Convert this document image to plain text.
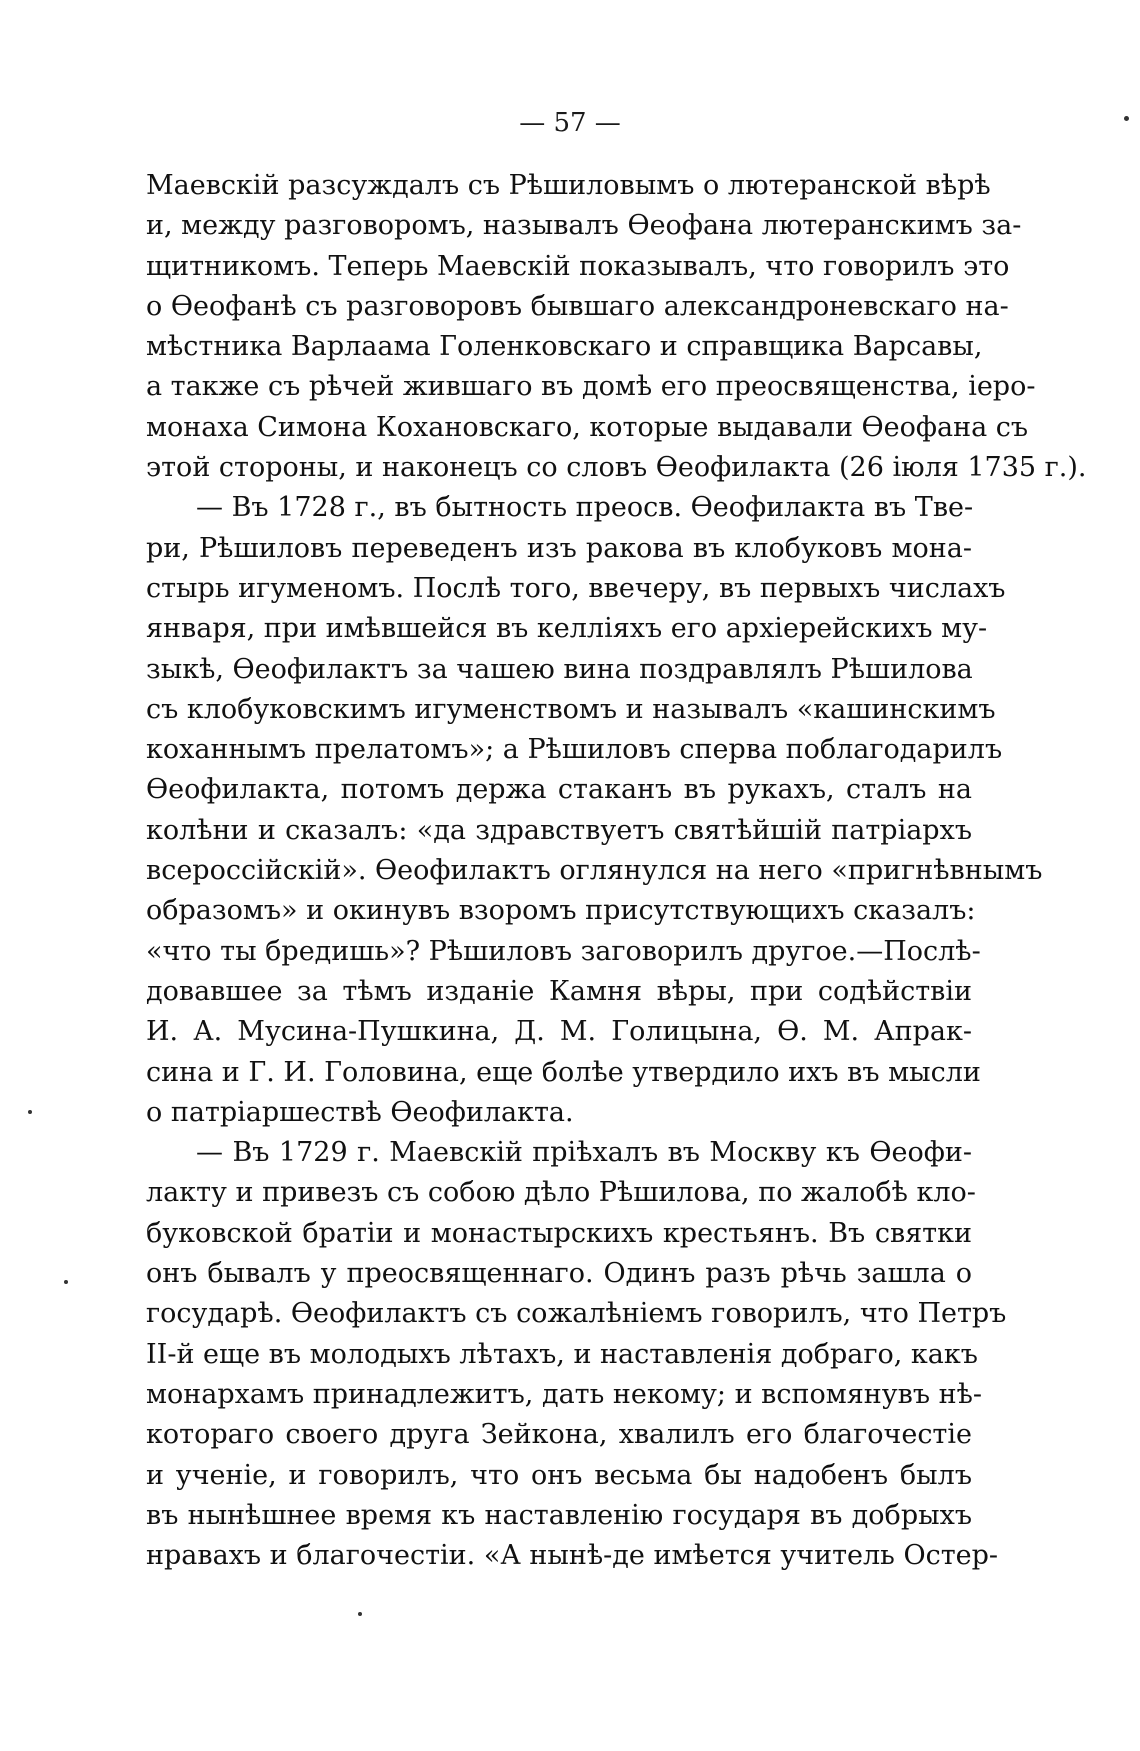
— 57 —
Маевскій разсуждалъ съ Рѣшиловымъ о лютеранской вѣрѣ
и, между разговоромъ, называлъ Ѳеофана лютеранскимъ за-
щитникомъ. Теперь Маевскій показывалъ, что говорилъ это
о Ѳеофанѣ съ разговоровъ бывшаго александроневскаго на-
мѣстника Варлаама Голенковскаго и справщика Варсавы,
а также съ рѣчей жившаго въ домѣ его преосвященства, іеро-
монаха Симона Кохановскаго, которые выдавали Ѳеофана съ
этой стороны, и наконецъ со словъ Ѳеофилакта (26 іюля 1735 г.).
— Въ 1728 г., въ бытность преосв. Ѳеофилакта въ Тве-
ри, Рѣшиловъ переведенъ изъ ракова въ клобуковъ мона-
стырь игуменомъ. Послѣ того, ввечеру, въ первыхъ числахъ
января, при имѣвшейся въ келліяхъ его архіерейскихъ му-
зыкѣ, Ѳеофилактъ за чашею вина поздравлялъ Рѣшилова
съ клобуковскимъ игуменствомъ и называлъ «кашинскимъ
коханнымъ прелатомъ»; а Рѣшиловъ сперва поблагодарилъ
Ѳеофилакта, потомъ держа стаканъ въ рукахъ, сталъ на
колѣни и сказалъ: «да здравствуетъ святѣйшій патріархъ
всероссійскій». Ѳеофилактъ оглянулся на него «пригнѣвнымъ
образомъ» и окинувъ взоромъ присутствующихъ сказалъ:
«что ты бредишь»? Рѣшиловъ заговорилъ другое.—Послѣ-
довавшее за тѣмъ изданіе Камня вѣры, при содѣйствіи
И. А. Мусина-Пушкина, Д. М. Голицына, Ѳ. М. Апрак-
сина и Г. И. Головина, еще болѣе утвердило ихъ въ мысли
о патріаршествѣ Ѳеофилакта.
— Въ 1729 г. Маевскій пріѣхалъ въ Москву къ Ѳеофи-
лакту и привезъ съ собою дѣло Рѣшилова, по жалобѣ кло-
буковской братіи и монастырскихъ крестьянъ. Въ святки
онъ бывалъ у преосвященнаго. Одинъ разъ рѣчь зашла о
государѣ. Ѳеофилактъ съ сожалѣніемъ говорилъ, что Петръ
II-й еще въ молодыхъ лѣтахъ, и наставленія добраго, какъ
монархамъ принадлежитъ, дать некому; и вспомянувъ нѣ-
котораго своего друга Зейкона, хвалилъ его благочестіе
и ученіе, и говорилъ, что онъ весьма бы надобенъ былъ
въ нынѣшнее время къ наставленію государя въ добрыхъ
нравахъ и благочестіи. «А нынѣ-де имѣется учитель Остер-
